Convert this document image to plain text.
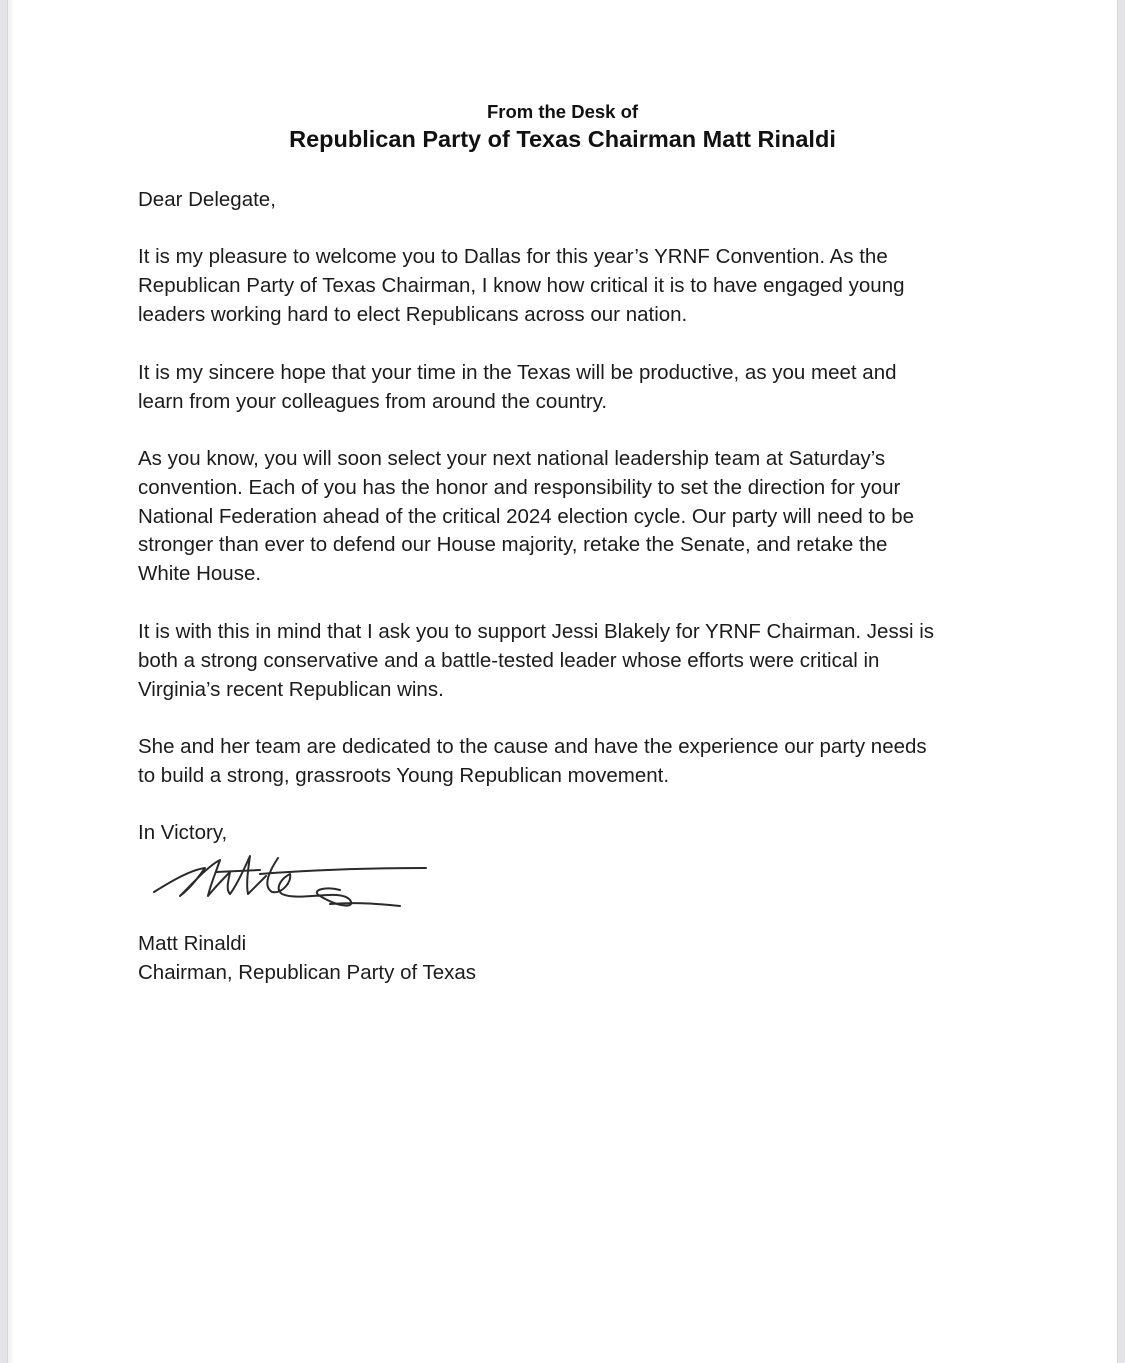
From the Desk of
Republican Party of Texas Chairman Matt Rinaldi
Dear Delegate,
It is my pleasure to welcome you to Dallas for this year’s YRNF Convention. As the
Republican Party of Texas Chairman, I know how critical it is to have engaged young
leaders working hard to elect Republicans across our nation.
It is my sincere hope that your time in the Texas will be productive, as you meet and
learn from your colleagues from around the country.
As you know, you will soon select your next national leadership team at Saturday’s
convention. Each of you has the honor and responsibility to set the direction for your
National Federation ahead of the critical 2024 election cycle. Our party will need to be
stronger than ever to defend our House majority, retake the Senate, and retake the
White House.
It is with this in mind that I ask you to support Jessi Blakely for YRNF Chairman. Jessi is
both a strong conservative and a battle-tested leader whose efforts were critical in
Virginia’s recent Republican wins.
She and her team are dedicated to the cause and have the experience our party needs
to build a strong, grassroots Young Republican movement.
In Victory,
Matt Rinaldi
Chairman, Republican Party of Texas
